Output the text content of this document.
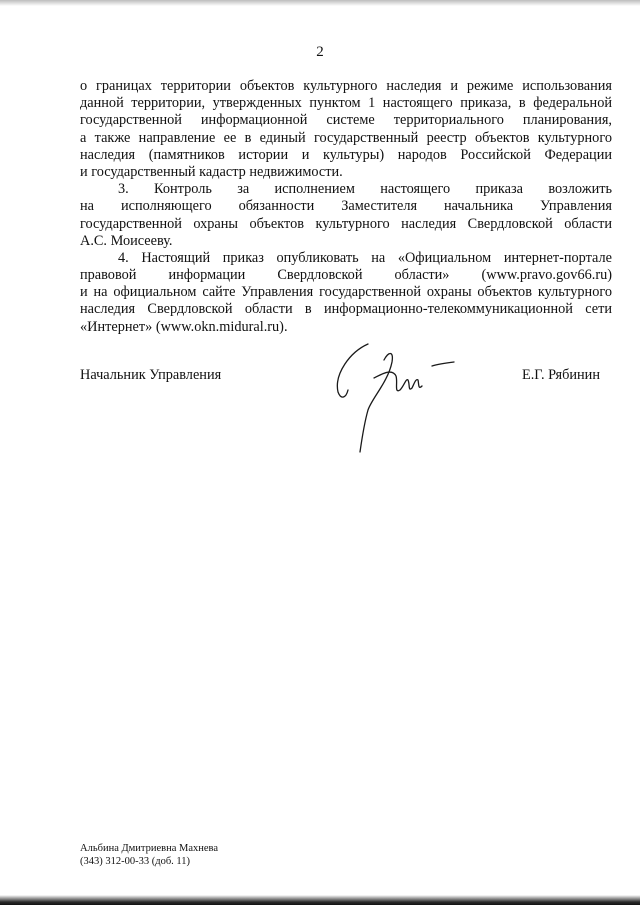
2
о границах территории объектов культурного наследия и режиме использования
данной территории, утвержденных пунктом 1 настоящего приказа, в федеральной
государственной информационной системе территориального планирования,
а также направление ее в единый государственный реестр объектов культурного
наследия (памятников истории и культуры) народов Российской Федерации
и государственный кадастр недвижимости.
3. Контроль за исполнением настоящего приказа возложить
на исполняющего обязанности Заместителя начальника Управления
государственной охраны объектов культурного наследия Свердловской области
А.С. Моисееву.
4. Настоящий приказ опубликовать на «Официальном интернет-портале
правовой информации Свердловской области» (www.pravo.gov66.ru)
и на официальном сайте Управления государственной охраны объектов культурного
наследия Свердловской области в информационно-телекоммуникационной сети
«Интернет» (www.okn.midural.ru).
Начальник Управления	Е.Г. Рябинин
Альбина Дмитриевна Махнева
(343) 312-00-33 (доб. 11)
